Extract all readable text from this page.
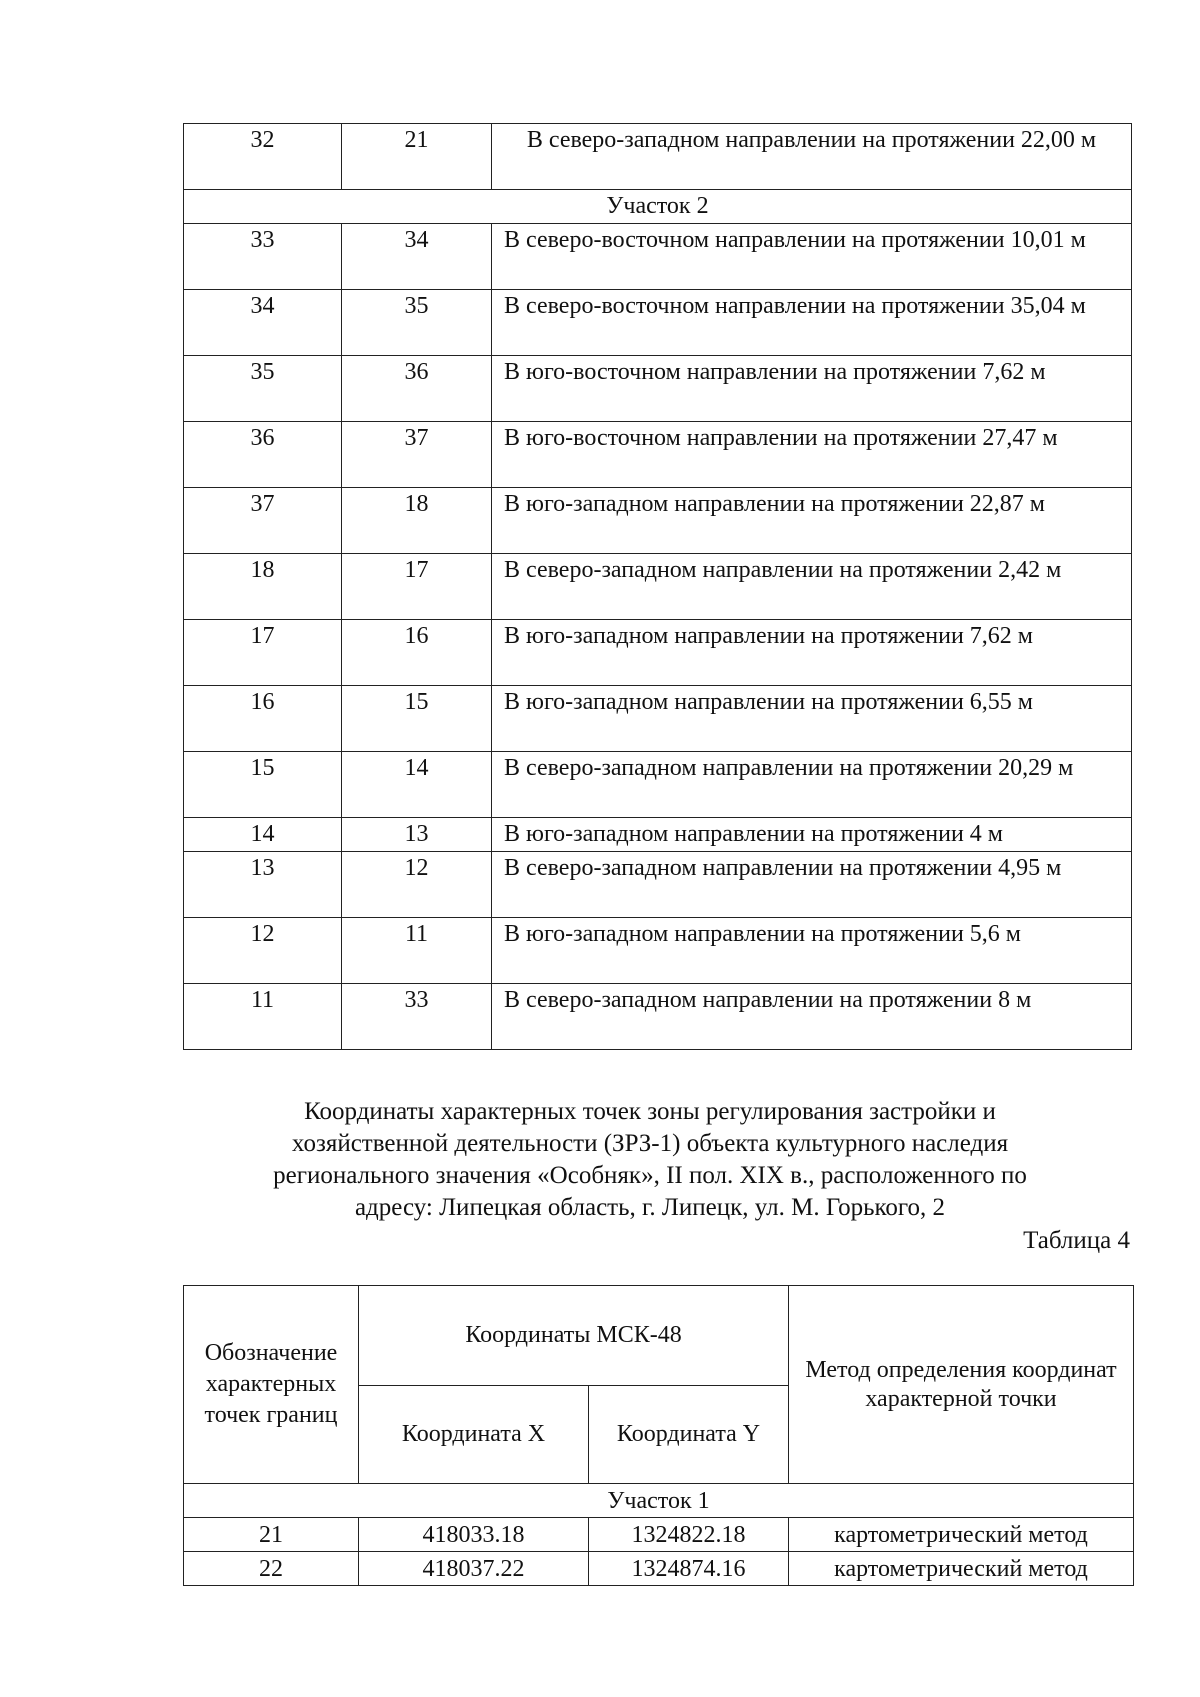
32	21	В северо-западном направлении на протяжении 22,00 м
Участок 2		
33	34	В северо-восточном направлении на протяжении 10,01 м
34	35	В северо-восточном направлении на протяжении 35,04 м
35	36	В юго-восточном направлении на протяжении 7,62 м
36	37	В юго-восточном направлении на протяжении 27,47 м
37	18	В юго-западном направлении на протяжении 22,87 м
18	17	В северо-западном направлении на протяжении 2,42 м
17	16	В юго-западном направлении на протяжении 7,62 м
16	15	В юго-западном направлении на протяжении 6,55 м
15	14	В северо-западном направлении на протяжении 20,29 м
14	13	В юго-западном направлении на протяжении 4 м
13	12	В северо-западном направлении на протяжении 4,95 м
12	11	В юго-западном направлении на протяжении 5,6 м
11	33	В северо-западном направлении на протяжении 8 м
Координаты характерных точек зоны регулирования застройки и
хозяйственной деятельности (ЗРЗ-1) объекта культурного наследия
регионального значения «Особняк», II пол. XIX в., расположенного по
адресу: Липецкая область, г. Липецк, ул. М. Горького, 2
Таблица 4
Обозначение характерных точек границ	Координаты МСК-48		Метод определения координат характерной точки
	Координата X	Координата Y	
Участок 1			
21	418033.18	1324822.18	картометрический метод
22	418037.22	1324874.16	картометрический метод
